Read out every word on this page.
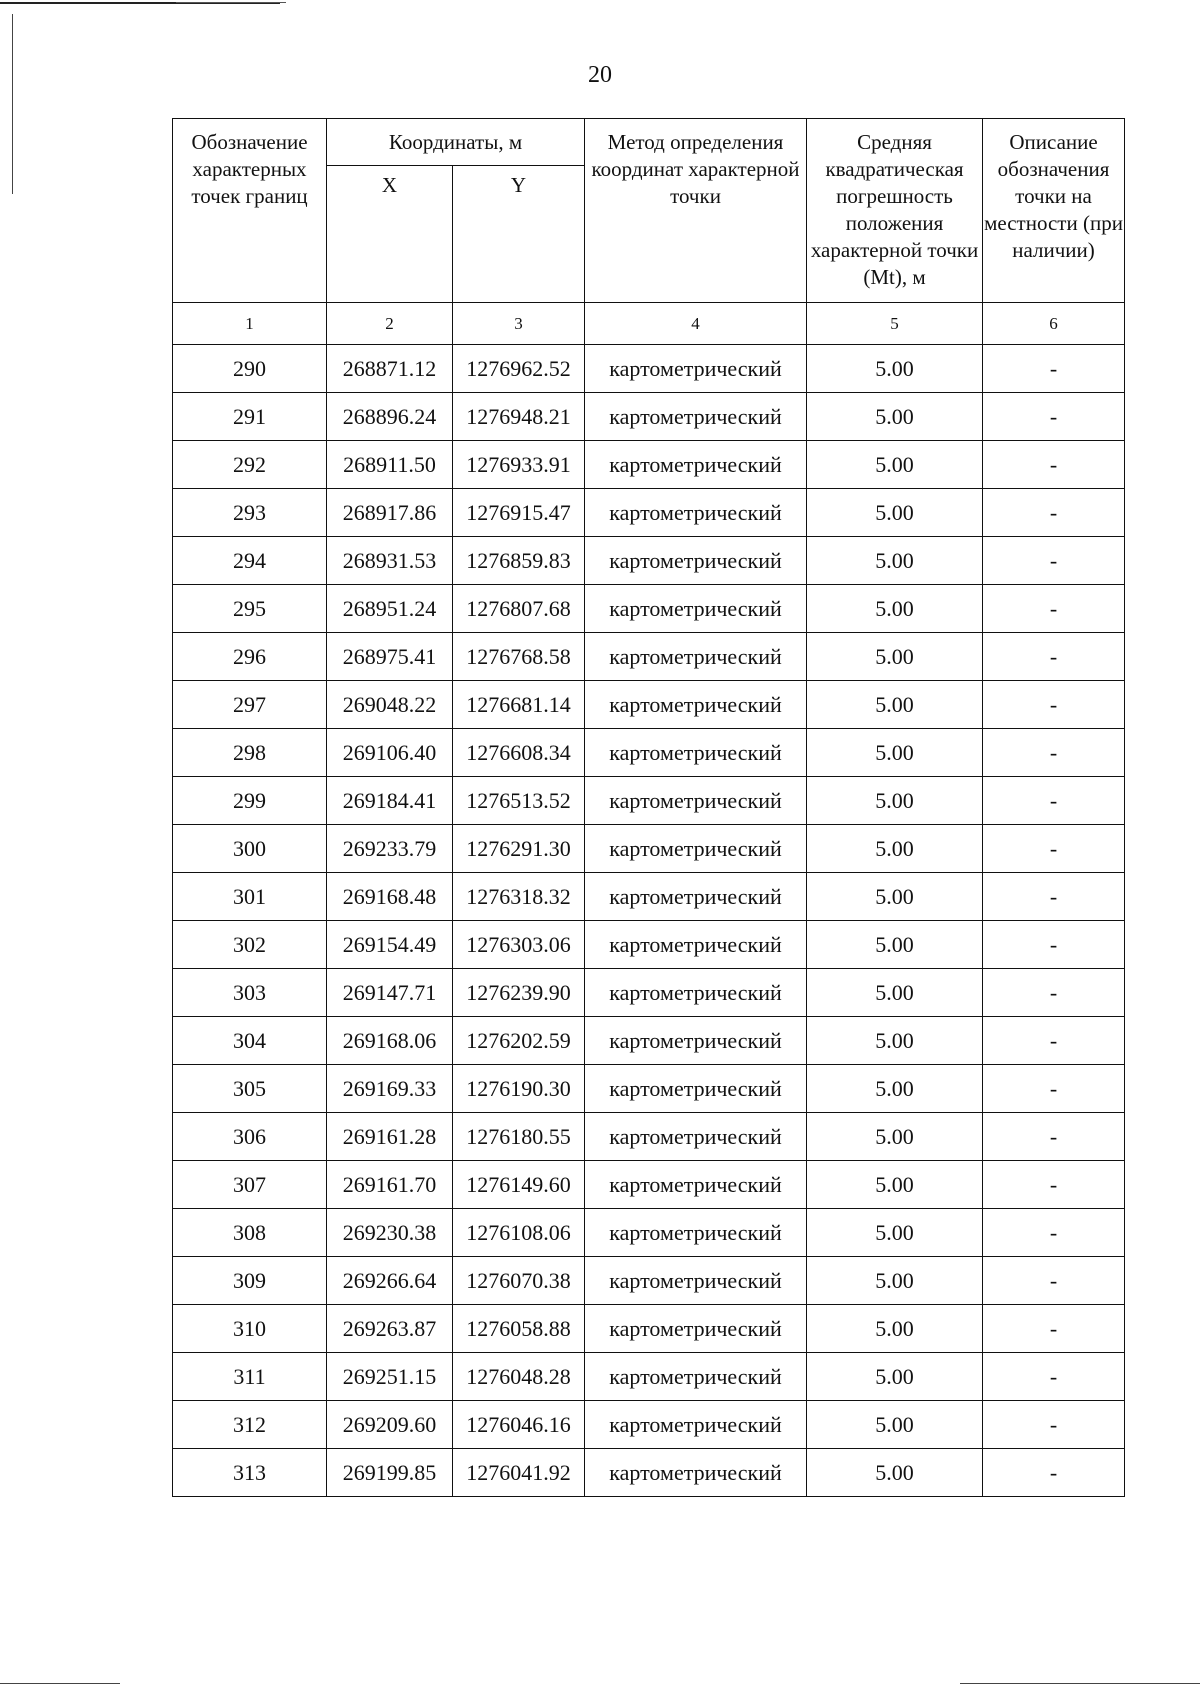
20
Обозначение характерных точек границ	Координаты, м		Метод определения координат характерной точки	Средняя квадратическая погрешность положения характерной точки (Mt), м	Описание обозначения точки на местности (при наличии)
	X	Y			
1	2	3	4	5	6
290	268871.12	1276962.52	картометрический	5.00	-
291	268896.24	1276948.21	картометрический	5.00	-
292	268911.50	1276933.91	картометрический	5.00	-
293	268917.86	1276915.47	картометрический	5.00	-
294	268931.53	1276859.83	картометрический	5.00	-
295	268951.24	1276807.68	картометрический	5.00	-
296	268975.41	1276768.58	картометрический	5.00	-
297	269048.22	1276681.14	картометрический	5.00	-
298	269106.40	1276608.34	картометрический	5.00	-
299	269184.41	1276513.52	картометрический	5.00	-
300	269233.79	1276291.30	картометрический	5.00	-
301	269168.48	1276318.32	картометрический	5.00	-
302	269154.49	1276303.06	картометрический	5.00	-
303	269147.71	1276239.90	картометрический	5.00	-
304	269168.06	1276202.59	картометрический	5.00	-
305	269169.33	1276190.30	картометрический	5.00	-
306	269161.28	1276180.55	картометрический	5.00	-
307	269161.70	1276149.60	картометрический	5.00	-
308	269230.38	1276108.06	картометрический	5.00	-
309	269266.64	1276070.38	картометрический	5.00	-
310	269263.87	1276058.88	картометрический	5.00	-
311	269251.15	1276048.28	картометрический	5.00	-
312	269209.60	1276046.16	картометрический	5.00	-
313	269199.85	1276041.92	картометрический	5.00	-
